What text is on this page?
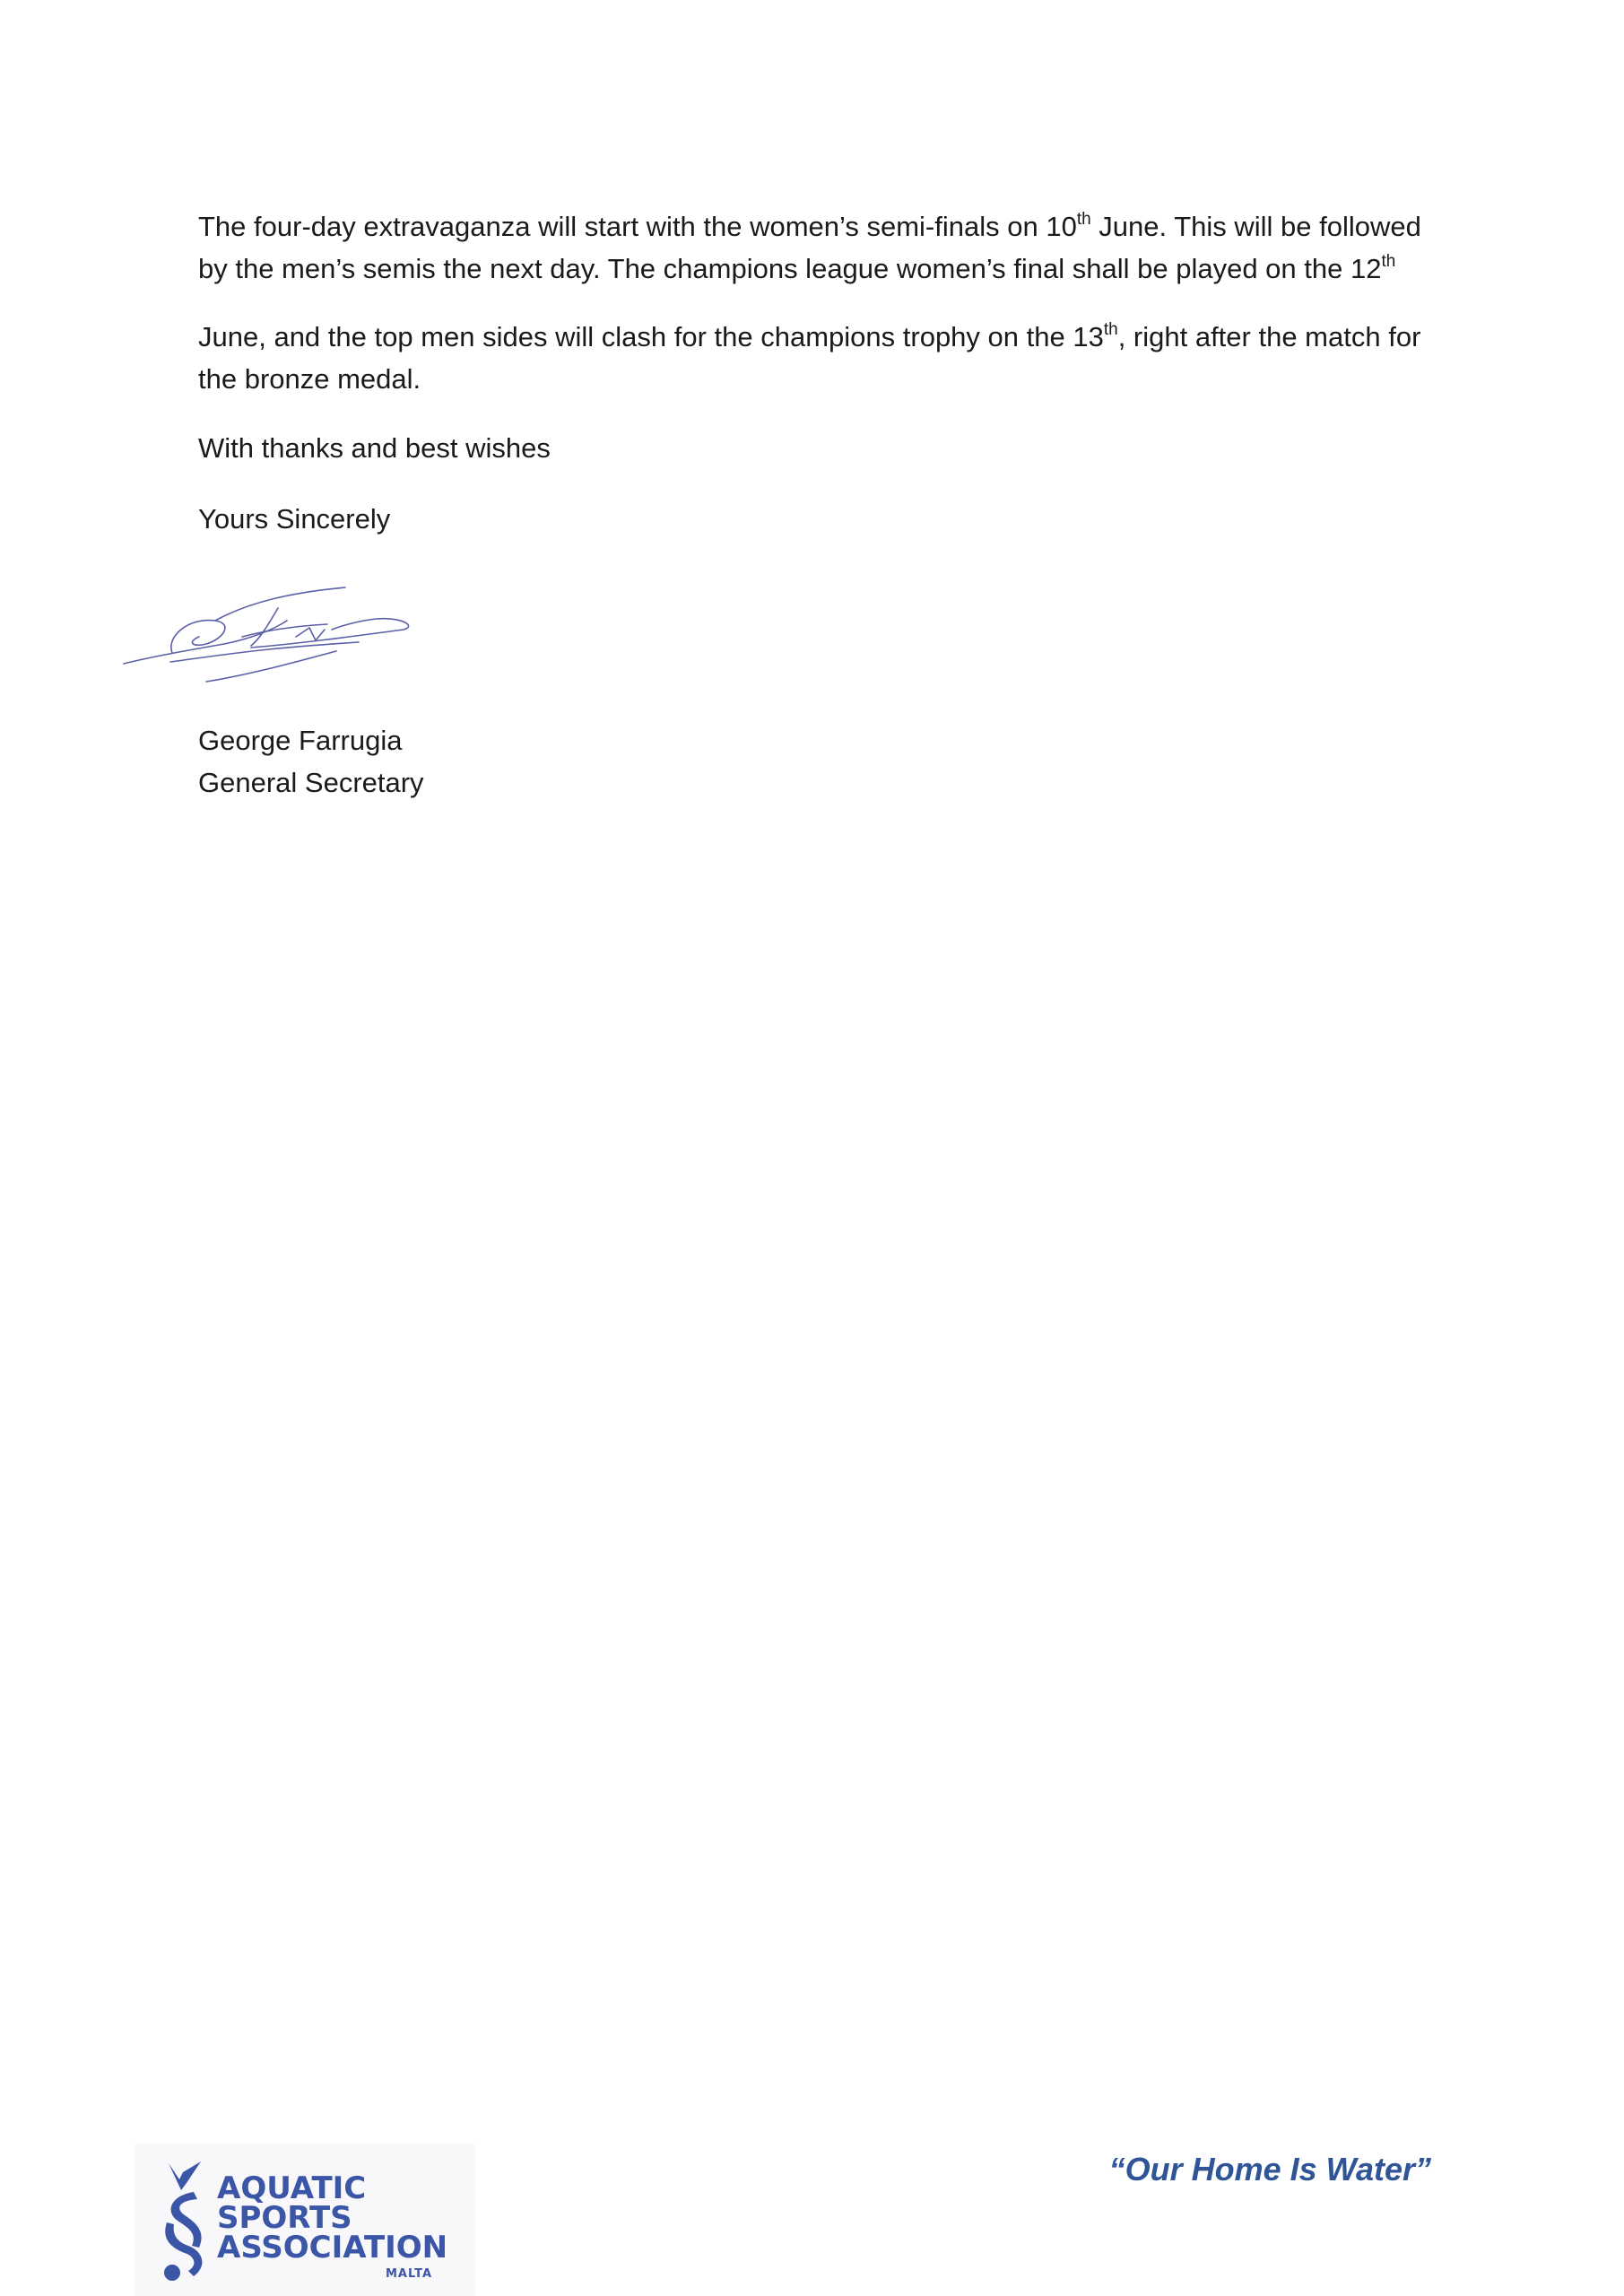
The four-day extravaganza will start with the women’s semi-finals on 10th June. This will be followed by the men’s semis the next day. The champions league women’s final shall be played on the 12th

June, and the top men sides will clash for the champions trophy on the 13th, right after the match for the bronze medal.

With thanks and best wishes

Yours Sincerely

George Farrugia
General Secretary
AQUATIC
SPORTS
ASSOCIATION
MALTA
“Our Home Is Water”
